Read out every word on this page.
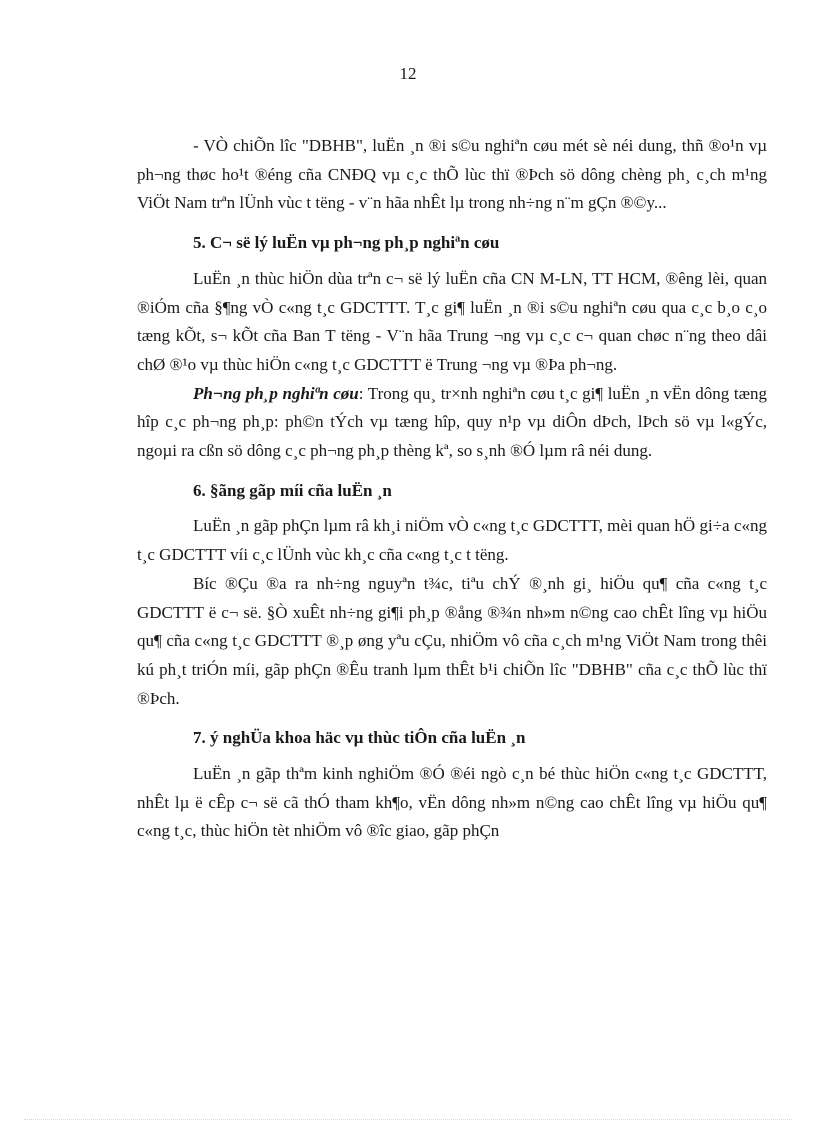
12

- VÒ chiÕn lîc "DBHB", luËn ¸n ®i s©u nghiªn cøu mét sè néi dung, thñ ®o¹n vµ ph¬ng thøc ho¹t ®éng cña CNĐQ vµ c¸c thÕ lùc thï ®Þch sö dông chèng ph¸ c¸ch m¹ng ViÖt Nam trªn lÜnh vùc t tëng - v¨n hãa nhÊt lµ trong nh÷ng n¨m gÇn ®©y...

5. C¬ së lý luËn vµ ph¬ng ph¸p nghiªn cøu

LuËn ¸n thùc hiÖn dùa trªn c¬ së lý luËn cña CN M-LN, TT HCM, ®êng lèi, quan ®iÓm cña §¶ng vÒ c«ng t¸c GDCTTT. T¸c gi¶ luËn ¸n ®i s©u nghiªn cøu qua c¸c b¸o c¸o tæng kÕt, s¬ kÕt cña Ban T tëng - V¨n hãa Trung ¬ng vµ c¸c c¬ quan chøc n¨ng theo dâi chØ ®¹o vµ thùc hiÖn c«ng t¸c GDCTTT ë Trung ¬ng vµ ®Þa ph¬ng.

Ph¬ng ph¸p nghiªn cøu: Trong qu¸ tr×nh nghiªn cøu t¸c gi¶ luËn ¸n vËn dông tæng hîp c¸c ph¬ng ph¸p: ph©n tÝch vµ tæng hîp, quy n¹p vµ diÔn dÞch, lÞch sö vµ l«gÝc, ngoµi ra cßn sö dông c¸c ph¬ng ph¸p thèng kª, so s¸nh ®Ó lµm râ néi dung.

6. §ãng gãp míi cña luËn ¸n

LuËn ¸n gãp phÇn lµm râ kh¸i niÖm vÒ c«ng t¸c GDCTTT, mèi quan hÖ gi÷a c«ng t¸c GDCTTT víi c¸c lÜnh vùc kh¸c cña c«ng t¸c t tëng.

Bíc ®Çu ®a ra nh÷ng nguyªn t¾c, tiªu chÝ ®¸nh gi¸ hiÖu qu¶ cña c«ng t¸c GDCTTT ë c¬ së. §Ò xuÊt nh÷ng gi¶i ph¸p ®ång ®¾n nh»m n©ng cao chÊt lîng vµ hiÖu qu¶ cña c«ng t¸c GDCTTT ®¸p øng yªu cÇu, nhiÖm vô cña c¸ch m¹ng ViÖt Nam trong thêi kú ph¸t triÓn míi, gãp phÇn ®Êu tranh lµm thÊt b¹i chiÕn lîc "DBHB" cña c¸c thÕ lùc thï ®Þch.

7. ý nghÜa khoa häc vµ thùc tiÔn cña luËn ¸n

LuËn ¸n gãp thªm kinh nghiÖm ®Ó ®éi ngò c¸n bé thùc hiÖn c«ng t¸c GDCTTT, nhÊt lµ ë cÊp c¬ së cã thÓ tham kh¶o, vËn dông nh»m n©ng cao chÊt lîng vµ hiÖu qu¶ c«ng t¸c, thùc hiÖn tèt nhiÖm vô ®îc giao, gãp phÇn
